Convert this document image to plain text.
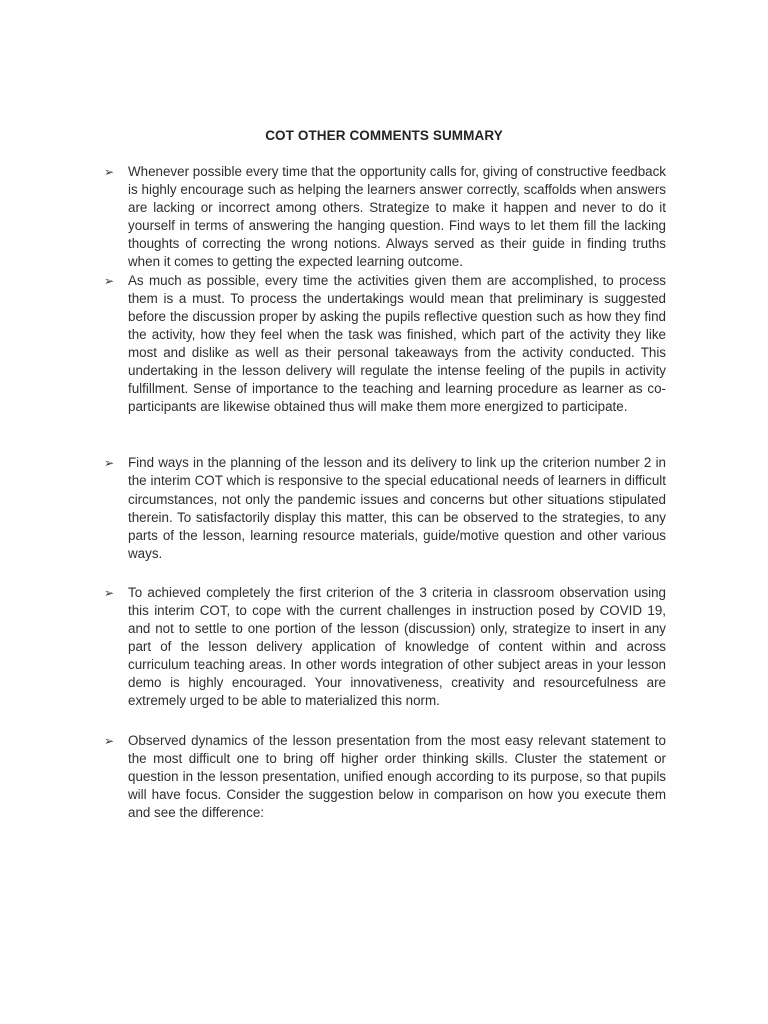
COT OTHER COMMENTS SUMMARY
➢ Whenever possible every time that the opportunity calls for, giving of constructive feedback is highly encourage such as helping the learners answer correctly, scaffolds when answers are lacking or incorrect among others. Strategize to make it happen and never to do it yourself in terms of answering the hanging question. Find ways to let them fill the lacking thoughts of correcting the wrong notions. Always served as their guide in finding truths when it comes to getting the expected learning outcome.
➢ As much as possible, every time the activities given them are accomplished, to process them is a must. To process the undertakings would mean that preliminary is suggested before the discussion proper by asking the pupils reflective question such as how they find the activity, how they feel when the task was finished, which part of the activity they like most and dislike as well as their personal takeaways from the activity conducted. This undertaking in the lesson delivery will regulate the intense feeling of the pupils in activity fulfillment. Sense of importance to the teaching and learning procedure as learner as co-participants are likewise obtained thus will make them more energized to participate.
➢ Find ways in the planning of the lesson and its delivery to link up the criterion number 2 in the interim COT which is responsive to the special educational needs of learners in difficult circumstances, not only the pandemic issues and concerns but other situations stipulated therein. To satisfactorily display this matter, this can be observed to the strategies, to any parts of the lesson, learning resource materials, guide/motive question and other various ways.
➢ To achieved completely the first criterion of the 3 criteria in classroom observation using this interim COT, to cope with the current challenges in instruction posed by COVID 19, and not to settle to one portion of the lesson (discussion) only, strategize to insert in any part of the lesson delivery application of knowledge of content within and across curriculum teaching areas. In other words integration of other subject areas in your lesson demo is highly encouraged. Your innovativeness, creativity and resourcefulness are extremely urged to be able to materialized this norm.
➢ Observed dynamics of the lesson presentation from the most easy relevant statement to the most difficult one to bring off higher order thinking skills. Cluster the statement or question in the lesson presentation, unified enough according to its purpose, so that pupils will have focus. Consider the suggestion below in comparison on how you execute them and see the difference:
